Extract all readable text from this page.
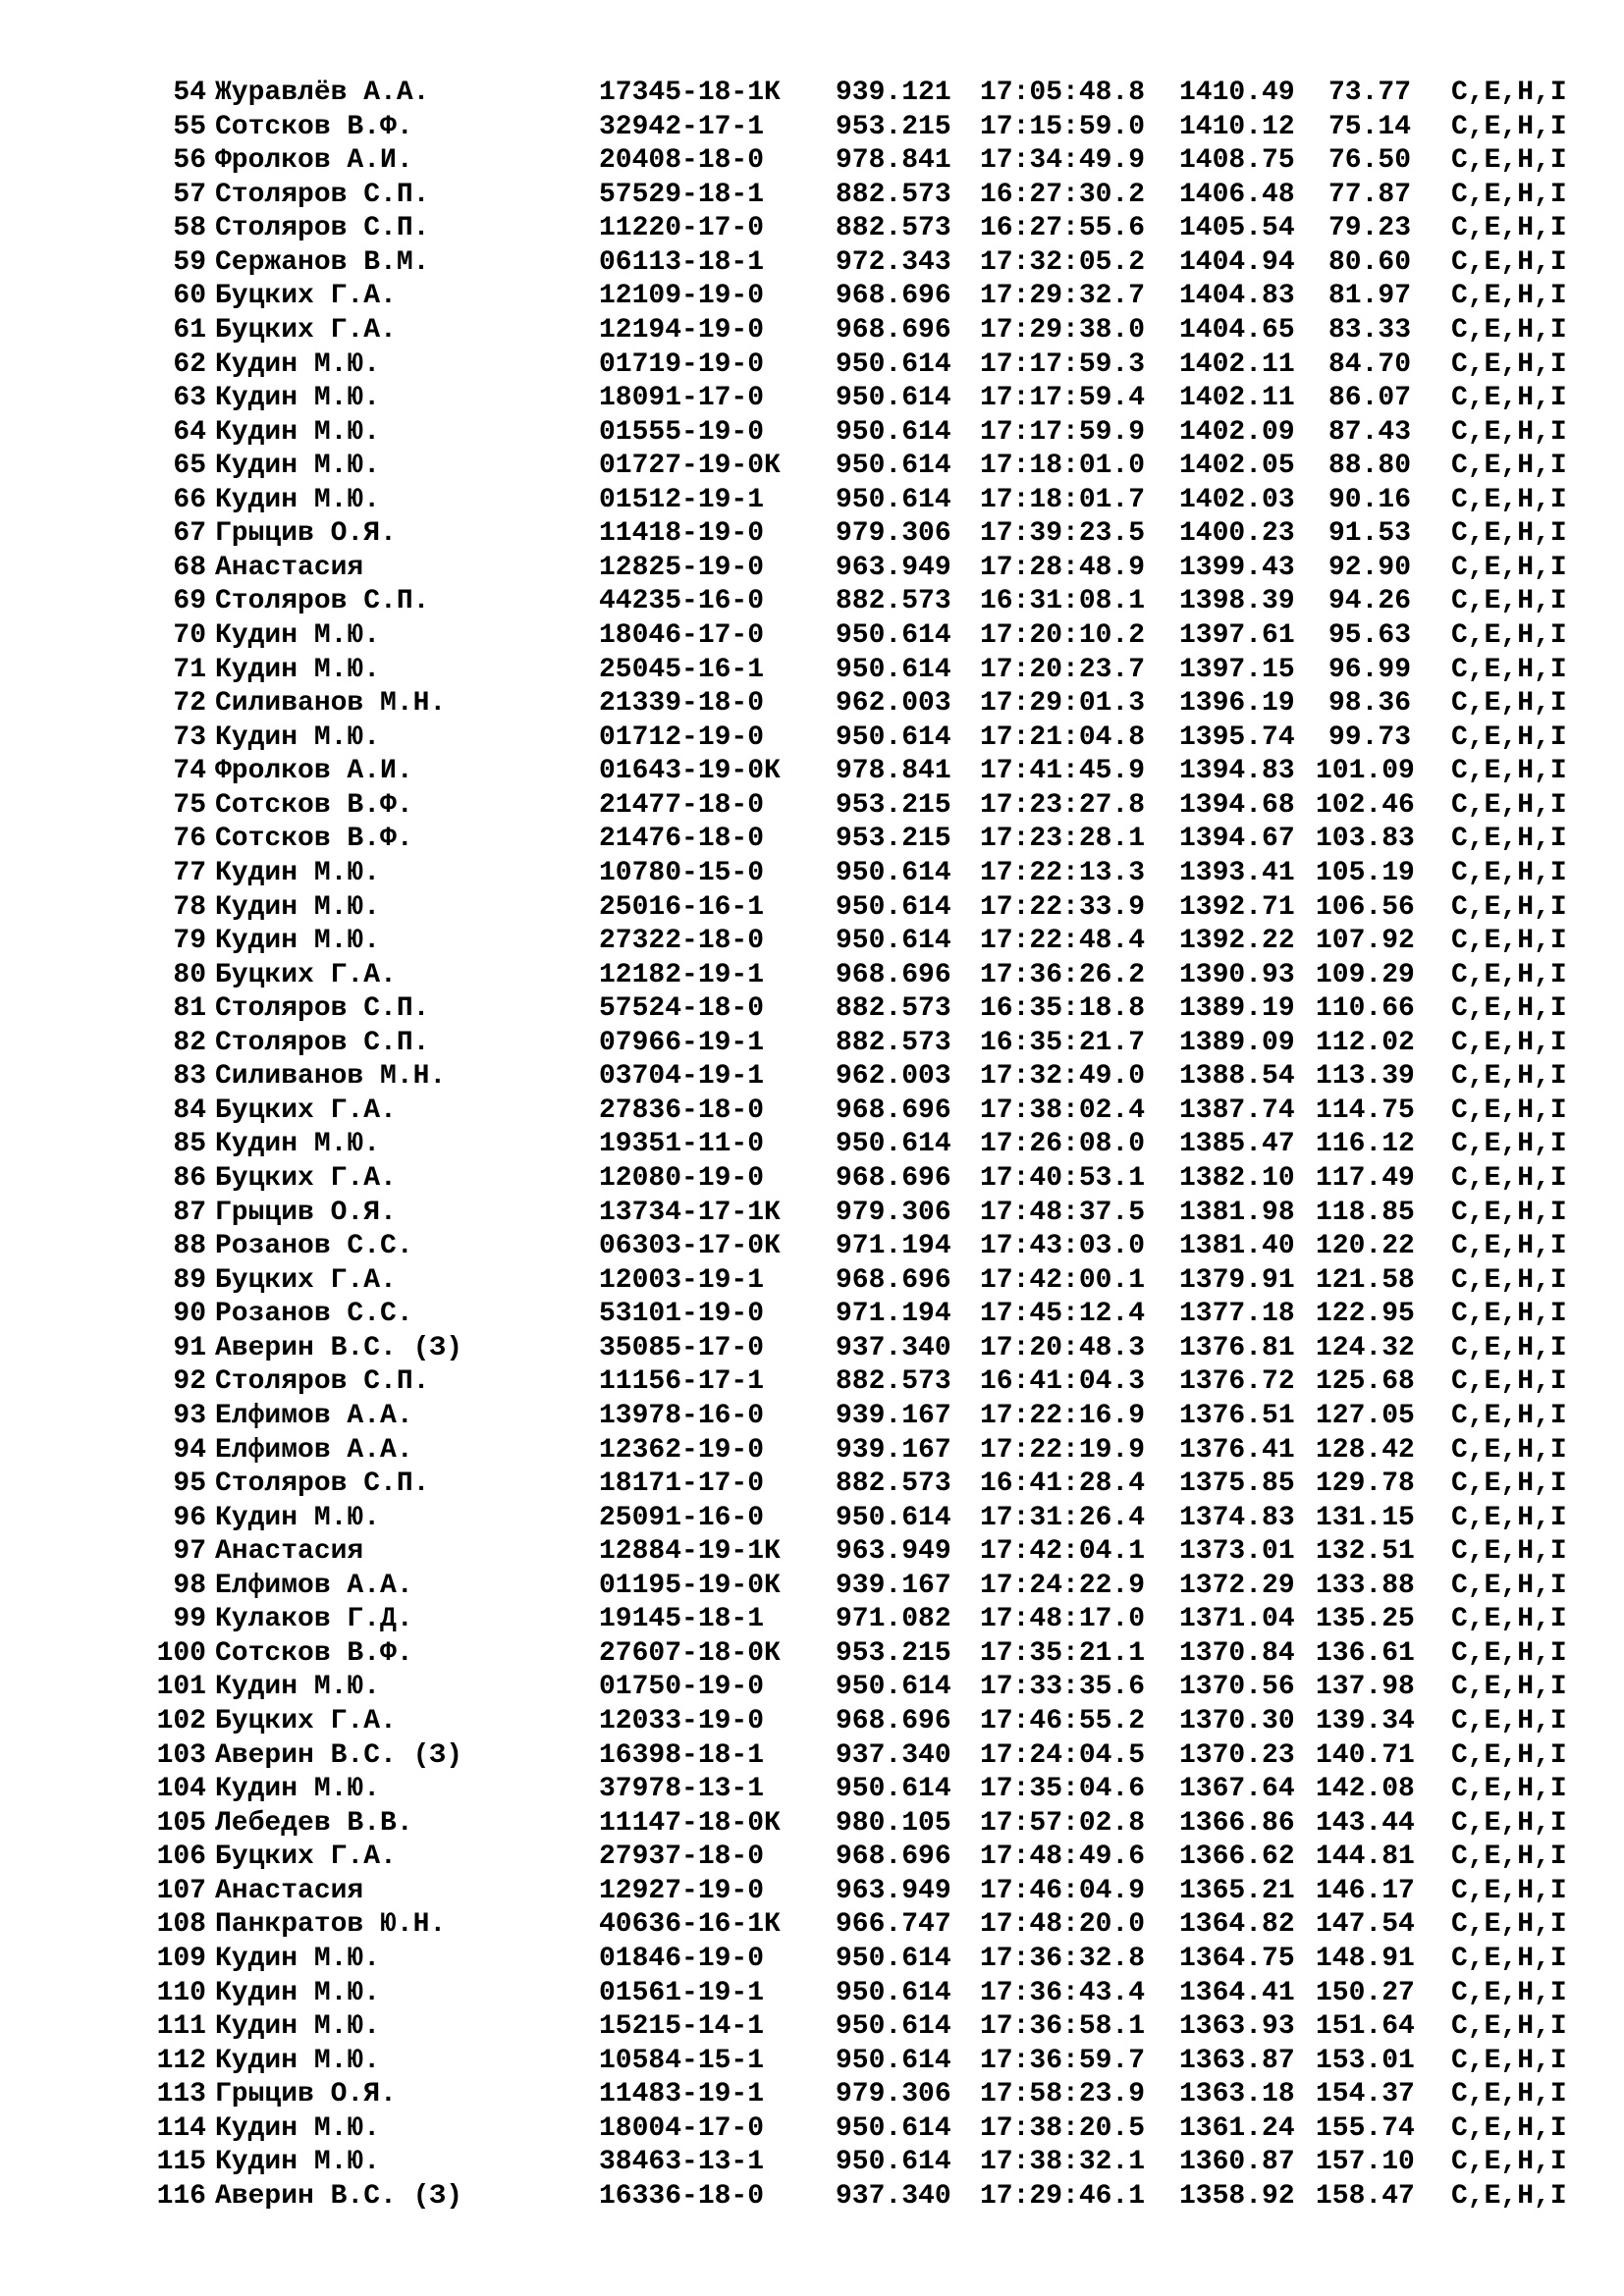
54 Журавлёв А.А.	17345-18-1К 939.121 17:05:48.8 1410.49	73.77 C,E,H,I
55 Сотсков В.Ф.	32942-17-1	953.215 17:15:59.0 1410.12	75.14 C,E,H,I
56 Фролков А.И.	20408-18-0	978.841 17:34:49.9 1408.75	76.50 C,E,H,I
57 Столяров С.П.	57529-18-1	882.573 16:27:30.2 1406.48	77.87 C,E,H,I
58 Столяров С.П.	11220-17-0	882.573 16:27:55.6 1405.54	79.23 C,E,H,I
59 Сержанов В.М.	06113-18-1	972.343 17:32:05.2 1404.94	80.60 C,E,H,I
60 Буцких Г.А.	12109-19-0	968.696 17:29:32.7 1404.83	81.97 C,E,H,I
61 Буцких Г.А.	12194-19-0	968.696 17:29:38.0 1404.65	83.33 C,E,H,I
62 Кудин М.Ю.	01719-19-0	950.614 17:17:59.3 1402.11	84.70 C,E,H,I
63 Кудин М.Ю.	18091-17-0	950.614 17:17:59.4 1402.11	86.07 C,E,H,I
64 Кудин М.Ю.	01555-19-0	950.614 17:17:59.9 1402.09	87.43 C,E,H,I
65 Кудин М.Ю.	01727-19-0К 950.614 17:18:01.0 1402.05	88.80 C,E,H,I
66 Кудин М.Ю.	01512-19-1	950.614 17:18:01.7 1402.03	90.16 C,E,H,I
67 Грыцив О.Я.	11418-19-0	979.306 17:39:23.5 1400.23	91.53 C,E,H,I
68 Анастасия	12825-19-0	963.949 17:28:48.9 1399.43	92.90 C,E,H,I
69 Столяров С.П.	44235-16-0	882.573 16:31:08.1 1398.39	94.26 C,E,H,I
70 Кудин М.Ю.	18046-17-0	950.614 17:20:10.2 1397.61	95.63 C,E,H,I
71 Кудин М.Ю.	25045-16-1	950.614 17:20:23.7 1397.15	96.99 C,E,H,I
72 Силиванов М.Н.	21339-18-0	962.003 17:29:01.3 1396.19	98.36 C,E,H,I
73 Кудин М.Ю.	01712-19-0	950.614 17:21:04.8 1395.74	99.73 C,E,H,I
74 Фролков А.И.	01643-19-0К 978.841 17:41:45.9 1394.83 101.09 C,E,H,I
75 Сотсков В.Ф.	21477-18-0	953.215 17:23:27.8 1394.68 102.46 C,E,H,I
76 Сотсков В.Ф.	21476-18-0	953.215 17:23:28.1 1394.67 103.83 C,E,H,I
77 Кудин М.Ю.	10780-15-0	950.614 17:22:13.3 1393.41 105.19 C,E,H,I
78 Кудин М.Ю.	25016-16-1	950.614 17:22:33.9 1392.71 106.56 C,E,H,I
79 Кудин М.Ю.	27322-18-0	950.614 17:22:48.4 1392.22 107.92 C,E,H,I
80 Буцких Г.А.	12182-19-1	968.696 17:36:26.2 1390.93 109.29 C,E,H,I
81 Столяров С.П.	57524-18-0	882.573 16:35:18.8 1389.19 110.66 C,E,H,I
82 Столяров С.П.	07966-19-1	882.573 16:35:21.7 1389.09 112.02 C,E,H,I
83 Силиванов М.Н.	03704-19-1	962.003 17:32:49.0 1388.54 113.39 C,E,H,I
84 Буцких Г.А.	27836-18-0	968.696 17:38:02.4 1387.74 114.75 C,E,H,I
85 Кудин М.Ю.	19351-11-0	950.614 17:26:08.0 1385.47 116.12 C,E,H,I
86 Буцких Г.А.	12080-19-0	968.696 17:40:53.1 1382.10 117.49 C,E,H,I
87 Грыцив О.Я.	13734-17-1К 979.306 17:48:37.5 1381.98 118.85 C,E,H,I
88 Розанов С.С.	06303-17-0К 971.194 17:43:03.0 1381.40 120.22 C,E,H,I
89 Буцких Г.А.	12003-19-1	968.696 17:42:00.1 1379.91 121.58 C,E,H,I
90 Розанов С.С.	53101-19-0	971.194 17:45:12.4 1377.18 122.95 C,E,H,I
91 Аверин В.С. (З)	35085-17-0	937.340 17:20:48.3 1376.81 124.32 C,E,H,I
92 Столяров С.П.	11156-17-1	882.573 16:41:04.3 1376.72 125.68 C,E,H,I
93 Елфимов А.А.	13978-16-0	939.167 17:22:16.9 1376.51 127.05 C,E,H,I
94 Елфимов А.А.	12362-19-0	939.167 17:22:19.9 1376.41 128.42 C,E,H,I
95 Столяров С.П.	18171-17-0	882.573 16:41:28.4 1375.85 129.78 C,E,H,I
96 Кудин М.Ю.	25091-16-0	950.614 17:31:26.4 1374.83 131.15 C,E,H,I
97 Анастасия	12884-19-1К 963.949 17:42:04.1 1373.01 132.51 C,E,H,I
98 Елфимов А.А.	01195-19-0К 939.167 17:24:22.9 1372.29 133.88 C,E,H,I
99 Кулаков Г.Д.	19145-18-1	971.082 17:48:17.0 1371.04 135.25 C,E,H,I
100 Сотсков В.Ф.	27607-18-0К 953.215 17:35:21.1 1370.84 136.61 C,E,H,I
101 Кудин М.Ю.	01750-19-0	950.614 17:33:35.6 1370.56 137.98 C,E,H,I
102 Буцких Г.А.	12033-19-0	968.696 17:46:55.2 1370.30 139.34 C,E,H,I
103 Аверин В.С. (З)	16398-18-1	937.340 17:24:04.5 1370.23 140.71 C,E,H,I
104 Кудин М.Ю.	37978-13-1	950.614 17:35:04.6 1367.64 142.08 C,E,H,I
105 Лебедев В.В.	11147-18-0К 980.105 17:57:02.8 1366.86 143.44 C,E,H,I
106 Буцких Г.А.	27937-18-0	968.696 17:48:49.6 1366.62 144.81 C,E,H,I
107 Анастасия	12927-19-0	963.949 17:46:04.9 1365.21 146.17 C,E,H,I
108 Панкратов Ю.Н.	40636-16-1К 966.747 17:48:20.0 1364.82 147.54 C,E,H,I
109 Кудин М.Ю.	01846-19-0	950.614 17:36:32.8 1364.75 148.91 C,E,H,I
110 Кудин М.Ю.	01561-19-1	950.614 17:36:43.4 1364.41 150.27 C,E,H,I
111 Кудин М.Ю.	15215-14-1	950.614 17:36:58.1 1363.93 151.64 C,E,H,I
112 Кудин М.Ю.	10584-15-1	950.614 17:36:59.7 1363.87 153.01 C,E,H,I
113 Грыцив О.Я.	11483-19-1	979.306 17:58:23.9 1363.18 154.37 C,E,H,I
114 Кудин М.Ю.	18004-17-0	950.614 17:38:20.5 1361.24 155.74 C,E,H,I
115 Кудин М.Ю.	38463-13-1	950.614 17:38:32.1 1360.87 157.10 C,E,H,I
116 Аверин В.С. (З)	16336-18-0	937.340 17:29:46.1 1358.92 158.47 C,E,H,I
